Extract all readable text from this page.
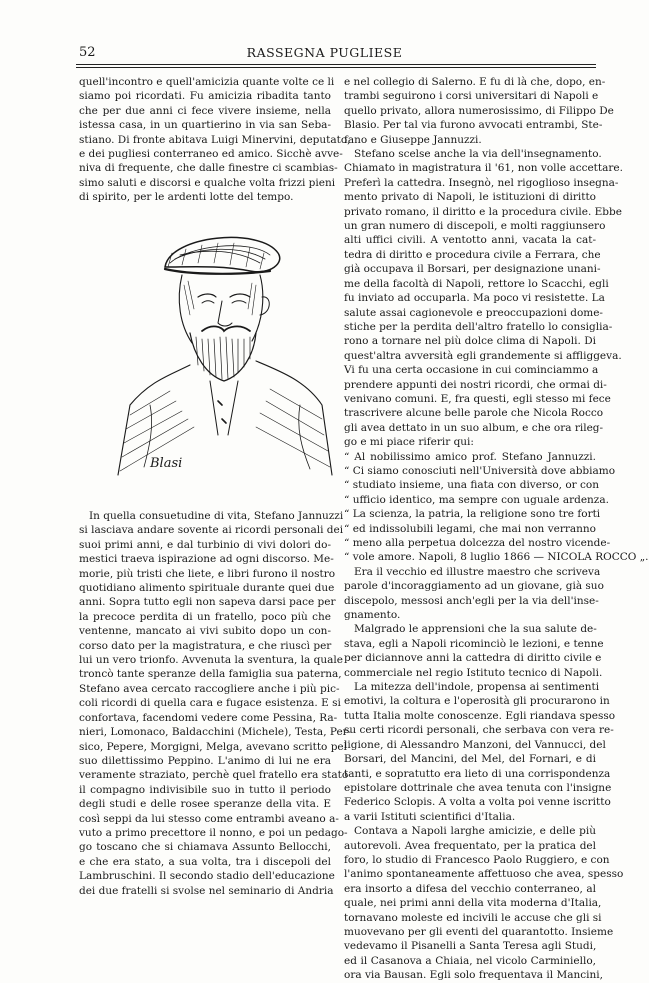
52	RASSEGNA PUGLIESE
quell'incontro e quell'amicizia quante volte ce li
siamo poi ricordati. Fu amicizia ribadita tanto
che per due anni ci fece vivere insieme, nella
istessa casa, in un quartierino in via san Seba-
stiano. Di fronte abitava Luigi Minervini, deputato,
e dei pugliesi conterraneo ed amico. Sicchè avve-
niva di frequente, che dalle finestre ci scambias-
simo saluti e discorsi e qualche volta frizzi pieni
di spirito, per le ardenti lotte del tempo.
Blasi
In quella consuetudine di vita, Stefano Jannuzzi
si lasciava andare sovente ai ricordi personali dei
suoi primi anni, e dal turbinio di vivi dolori do-
mestici traeva ispirazione ad ogni discorso. Me-
morie, più tristi che liete, e libri furono il nostro
quotidiano alimento spirituale durante quei due
anni. Sopra tutto egli non sapeva darsi pace per
la precoce perdita di un fratello, poco più che
ventenne, mancato ai vivi subito dopo un con-
corso dato per la magistratura, e che riuscì per
lui un vero trionfo. Avvenuta la sventura, la quale
troncò tante speranze della famiglia sua paterna,
Stefano avea cercato raccogliere anche i più pic-
coli ricordi di quella cara e fugace esistenza. E si
confortava, facendomi vedere come Pessina, Ra-
nieri, Lomonaco, Baldacchini (Michele), Testa, Per-
sico, Pepere, Morgigni, Melga, avevano scritto pel
suo dilettissimo Peppino. L'animo di lui ne era
veramente straziato, perchè quel fratello era stato
il compagno indivisibile suo in tutto il periodo
degli studi e delle rosee speranze della vita. E
così seppi da lui stesso come entrambi aveano a-
vuto a primo precettore il nonno, e poi un pedago-
go toscano che si chiamava Assunto Bellocchi,
e che era stato, a sua volta, tra i discepoli del
Lambruschini. Il secondo stadio dell'educazione
dei due fratelli si svolse nel seminario di Andria
e nel collegio di Salerno. E fu di là che, dopo, en-
trambi seguirono i corsi universitari di Napoli e
quello privato, allora numerosissimo, di Filippo De
Blasio. Per tal via furono avvocati entrambi, Ste-
fano e Giuseppe Jannuzzi.
Stefano scelse anche la via dell'insegnamento.
Chiamato in magistratura il '61, non volle accettare.
Preferì la cattedra. Insegnò, nel rigoglioso insegna-
mento privato di Napoli, le istituzioni di diritto
privato romano, il diritto e la procedura civile. Ebbe
un gran numero di discepoli, e molti raggiunsero
alti uffici civili. A ventotto anni, vacata la cat-
tedra di diritto e procedura civile a Ferrara, che
già occupava il Borsari, per designazione unani-
me della facoltà di Napoli, rettore lo Scacchi, egli
fu inviato ad occuparla. Ma poco vi resistette. La
salute assai cagionevole e preoccupazioni dome-
stiche per la perdita dell'altro fratello lo consiglia-
rono a tornare nel più dolce clima di Napoli. Di
quest'altra avversità egli grandemente si affliggeva.
Vi fu una certa occasione in cui cominciammo a
prendere appunti dei nostri ricordi, che ormai di-
venivano comuni. E, fra questi, egli stesso mi fece
trascrivere alcune belle parole che Nicola Rocco
gli avea dettato in un suo album, e che ora rileg-
go e mi piace riferir qui:
“ Al nobilissimo amico prof. Stefano Jannuzzi.
“ Ci siamo conosciuti nell'Università dove abbiamo
“ studiato insieme, una fiata con diverso, or con
“ ufficio identico, ma sempre con uguale ardenza.
“ La scienza, la patria, la religione sono tre forti
“ ed indissolubili legami, che mai non verranno
“ meno alla perpetua dolcezza del nostro vicende-
“ vole amore. Napoli, 8 luglio 1866 — NICOLA ROCCO „.
Era il vecchio ed illustre maestro che scriveva
parole d'incoraggiamento ad un giovane, già suo
discepolo, messosi anch'egli per la via dell'inse-
gnamento.
Malgrado le apprensioni che la sua salute de-
stava, egli a Napoli ricominciò le lezioni, e tenne
per diciannove anni la cattedra di diritto civile e
commerciale nel regio Istituto tecnico di Napoli.
La mitezza dell'indole, propensa ai sentimenti
emotivi, la coltura e l'operosità gli procurarono in
tutta Italia molte conoscenze. Egli riandava spesso
su certi ricordi personali, che serbava con vera re-
ligione, di Alessandro Manzoni, del Vannucci, del
Borsari, del Mancini, del Mel, del Fornari, e di
tanti, e sopratutto era lieto di una corrispondenza
epistolare dottrinale che avea tenuta con l'insigne
Federico Sclopis. A volta a volta poi venne iscritto
a varii Istituti scientifici d'Italia.
Contava a Napoli larghe amicizie, e delle più
autorevoli. Avea frequentato, per la pratica del
foro, lo studio di Francesco Paolo Ruggiero, e con
l'animo spontaneamente affettuoso che avea, spesso
era insorto a difesa del vecchio conterraneo, al
quale, nei primi anni della vita moderna d'Italia,
tornavano moleste ed incivili le accuse che gli si
muovevano per gli eventi del quarantotto. Insieme
vedevamo il Pisanelli a Santa Teresa agli Studi,
ed il Casanova a Chiaia, nel vicolo Carminiello,
ora via Bausan. Egli solo frequentava il Mancini,
